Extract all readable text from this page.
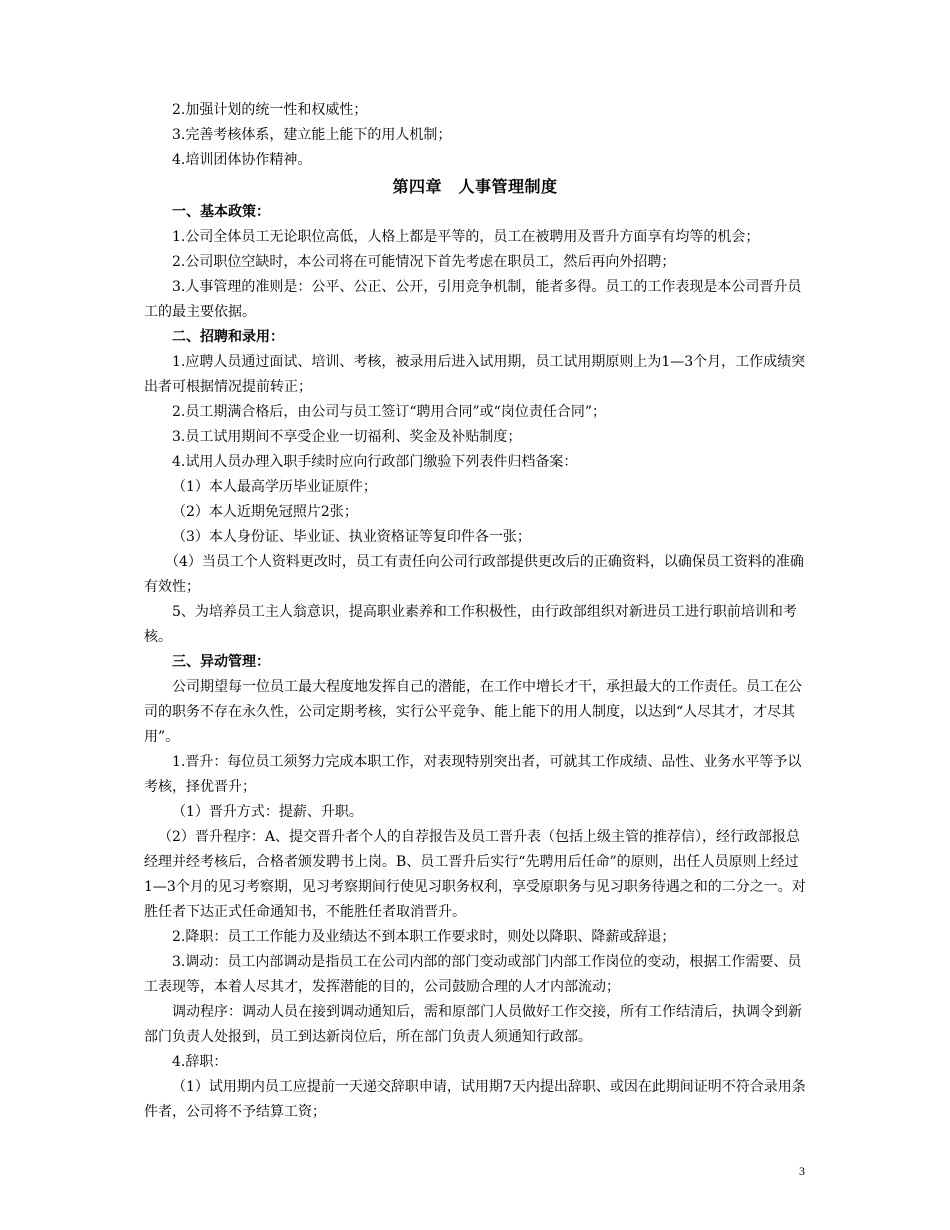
2.加强计划的统一性和权威性；

3.完善考核体系，建立能上能下的用人机制；

4.培训团体协作精神。

第四章　人事管理制度

一、基本政策：

1.公司全体员工无论职位高低，人格上都是平等的，员工在被聘用及晋升方面享有均等的机会；

2.公司职位空缺时，本公司将在可能情况下首先考虑在职员工，然后再向外招聘；

3.人事管理的准则是：公平、公正、公开，引用竞争机制，能者多得。员工的工作表现是本公司晋升员工的最主要依据。

二、招聘和录用：

1.应聘人员通过面试、培训、考核，被录用后进入试用期，员工试用期原则上为1—3个月，工作成绩突出者可根据情况提前转正；

2.员工期满合格后，由公司与员工签订“聘用合同”或“岗位责任合同”；

3.员工试用期间不享受企业一切福利、奖金及补贴制度；

4.试用人员办理入职手续时应向行政部门缴验下列表件归档备案：

（1）本人最高学历毕业证原件；

（2）本人近期免冠照片2张；

（3）本人身份证、毕业证、执业资格证等复印件各一张；

（4）当员工个人资料更改时，员工有责任向公司行政部提供更改后的正确资料，以确保员工资料的准确有效性；

5、为培养员工主人翁意识，提高职业素养和工作积极性，由行政部组织对新进员工进行职前培训和考核。

三、异动管理：

公司期望每一位员工最大程度地发挥自己的潜能，在工作中增长才干，承担最大的工作责任。员工在公司的职务不存在永久性，公司定期考核，实行公平竞争、能上能下的用人制度，以达到“人尽其才，才尽其用”。

1.晋升：每位员工须努力完成本职工作，对表现特别突出者，可就其工作成绩、品性、业务水平等予以考核，择优晋升；

（1）晋升方式：提薪、升职。

（2）晋升程序：A、提交晋升者个人的自荐报告及员工晋升表（包括上级主管的推荐信），经行政部报总经理并经考核后，合格者颁发聘书上岗。B、员工晋升后实行“先聘用后任命”的原则，出任人员原则上经过1—3个月的见习考察期，见习考察期间行使见习职务权利，享受原职务与见习职务待遇之和的二分之一。对胜任者下达正式任命通知书，不能胜任者取消晋升。

2.降职：员工工作能力及业绩达不到本职工作要求时，则处以降职、降薪或辞退；

3.调动：员工内部调动是指员工在公司内部的部门变动或部门内部工作岗位的变动，根据工作需要、员工表现等，本着人尽其才，发挥潜能的目的，公司鼓励合理的人才内部流动；

调动程序：调动人员在接到调动通知后，需和原部门人员做好工作交接，所有工作结清后，执调令到新部门负责人处报到，员工到达新岗位后，所在部门负责人须通知行政部。

4.辞职：

（1）试用期内员工应提前一天递交辞职申请，试用期7天内提出辞职、或因在此期间证明不符合录用条件者，公司将不予结算工资；

3
